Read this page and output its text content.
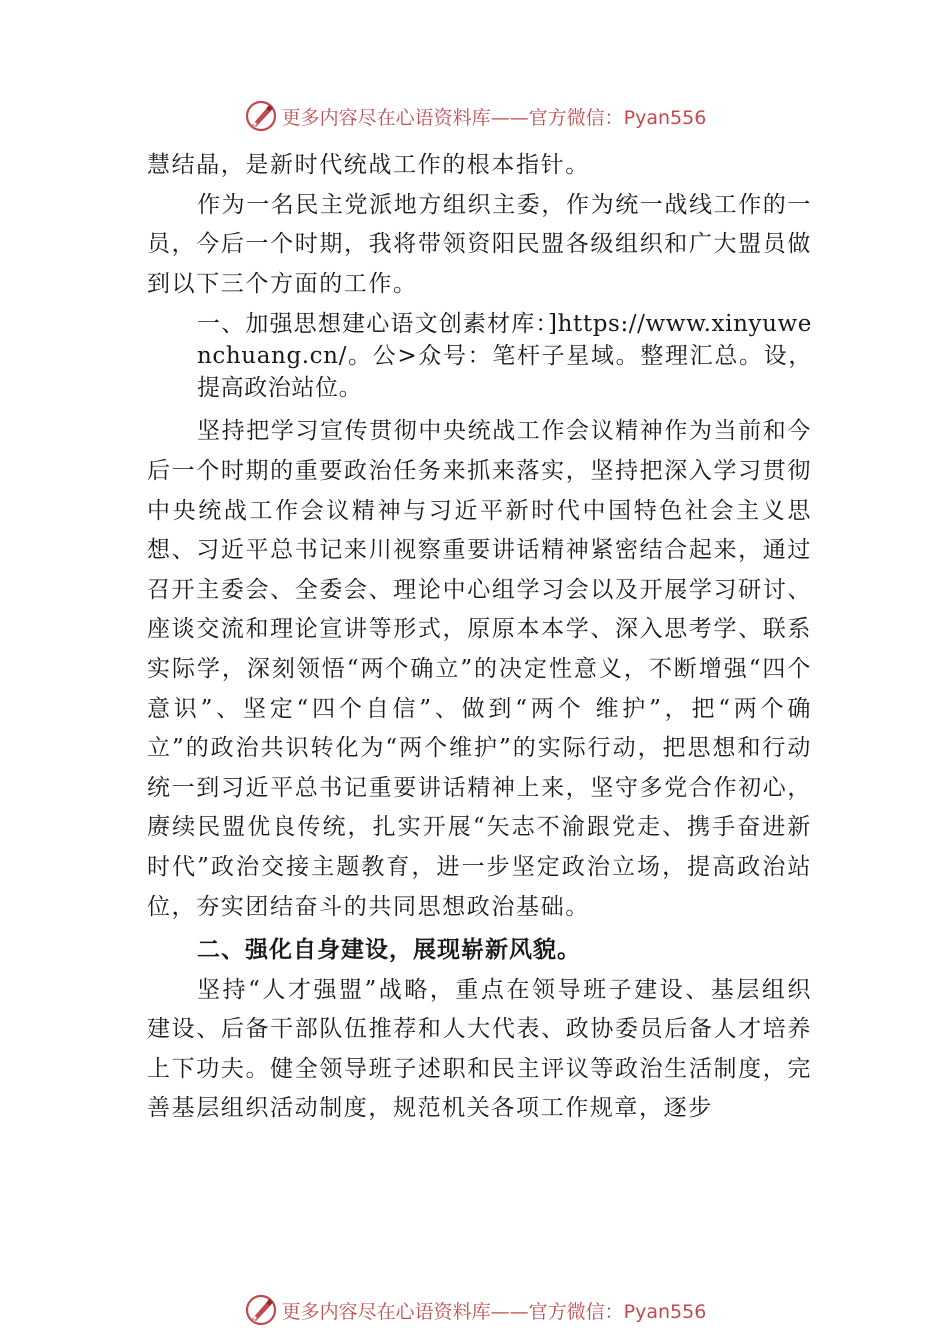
更多内容尽在心语资料库——官方微信：Pyan556

慧结晶，是新时代统战工作的根本指针。

作为一名民主党派地方组织主委，作为统一战线工作的一员，今后一个时期，我将带领资阳民盟各级组织和广大盟员做到以下三个方面的工作。

一、加强思想建心语文创素材库：]https://www.xinyuwenchuang.cn/。公>众号：笔杆子星域。整理汇总。设，提高政治站位。

坚持把学习宣传贯彻中央统战工作会议精神作为当前和今后一个时期的重要政治任务来抓来落实，坚持把深入学习贯彻中央统战工作会议精神与习近平新时代中国特色社会主义思想、习近平总书记来川视察重要讲话精神紧密结合起来，通过召开主委会、全委会、理论中心组学习会以及开展学习研讨、座谈交流和理论宣讲等形式，原原本本学、深入思考学、联系实际学，深刻领悟“两个确立”的决定性意义，不断增强“四个意识”、坚定“四个自信”、做到“两个 维护”，把“两个确立”的政治共识转化为“两个维护”的实际行动，把思想和行动统一到习近平总书记重要讲话精神上来，坚守多党合作初心，赓续民盟优良传统，扎实开展“矢志不渝跟党走、携手奋进新时代”政治交接主题教育，进一步坚定政治立场，提高政治站位，夯实团结奋斗的共同思想政治基础。

二、强化自身建设，展现崭新风貌。

坚持“人才强盟”战略，重点在领导班子建设、基层组织建设、后备干部队伍推荐和人大代表、政协委员后备人才培养上下功夫。健全领导班子述职和民主评议等政治生活制度，完善基层组织活动制度，规范机关各项工作规章，逐步

更多内容尽在心语资料库——官方微信：Pyan556
